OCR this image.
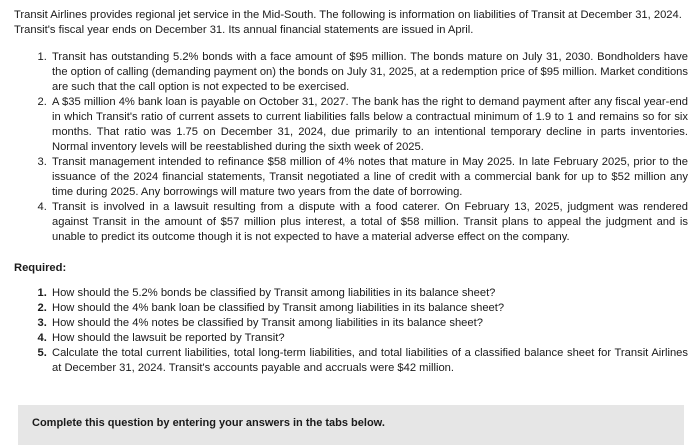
Transit Airlines provides regional jet service in the Mid-South. The following is information on liabilities of Transit at December 31, 2024. Transit's fiscal year ends on December 31. Its annual financial statements are issued in April.

1. Transit has outstanding 5.2% bonds with a face amount of $95 million. The bonds mature on July 31, 2030. Bondholders have the option of calling (demanding payment on) the bonds on July 31, 2025, at a redemption price of $95 million. Market conditions are such that the call option is not expected to be exercised.
2. A $35 million 4% bank loan is payable on October 31, 2027. The bank has the right to demand payment after any fiscal year-end in which Transit's ratio of current assets to current liabilities falls below a contractual minimum of 1.9 to 1 and remains so for six months. That ratio was 1.75 on December 31, 2024, due primarily to an intentional temporary decline in parts inventories. Normal inventory levels will be reestablished during the sixth week of 2025.
3. Transit management intended to refinance $58 million of 4% notes that mature in May 2025. In late February 2025, prior to the issuance of the 2024 financial statements, Transit negotiated a line of credit with a commercial bank for up to $52 million any time during 2025. Any borrowings will mature two years from the date of borrowing.
4. Transit is involved in a lawsuit resulting from a dispute with a food caterer. On February 13, 2025, judgment was rendered against Transit in the amount of $57 million plus interest, a total of $58 million. Transit plans to appeal the judgment and is unable to predict its outcome though it is not expected to have a material adverse effect on the company.
Required:
1. How should the 5.2% bonds be classified by Transit among liabilities in its balance sheet?
2. How should the 4% bank loan be classified by Transit among liabilities in its balance sheet?
3. How should the 4% notes be classified by Transit among liabilities in its balance sheet?
4. How should the lawsuit be reported by Transit?
5. Calculate the total current liabilities, total long-term liabilities, and total liabilities of a classified balance sheet for Transit Airlines at December 31, 2024. Transit's accounts payable and accruals were $42 million.
Complete this question by entering your answers in the tabs below.
